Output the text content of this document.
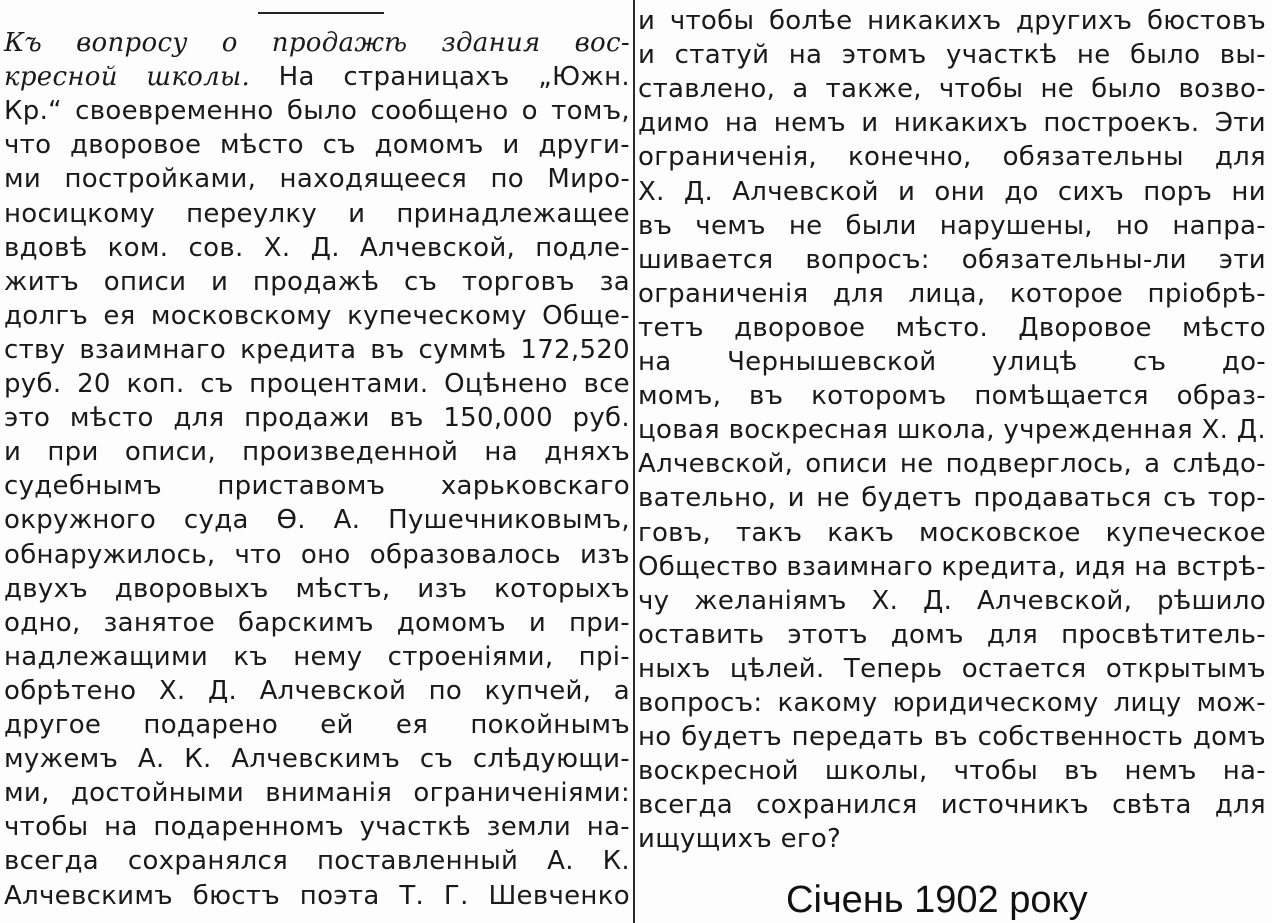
Къ вопросу о продажѣ здания вос-
кресной школы. На страницахъ „Южн.
Кр.“ своевременно было сообщено о томъ,
что дворовое мѣсто съ домомъ и други-
ми постройками, находящееся по Миро-
носицкому переулку и принадлежащее
вдовѣ ком. сов. Х. Д. Алчевской, подле-
житъ описи и продажѣ съ торговъ за
долгъ ея московскому купеческому Обще-
ству взаимнаго кредита въ суммѣ 172,520
руб. 20 коп. съ процентами. Оцѣнено все
это мѣсто для продажи въ 150,000 руб.
и при описи, произведенной на дняхъ
судебнымъ приставомъ харьковскаго
окружного суда Ѳ. А. Пушечниковымъ,
обнаружилось, что оно образовалось изъ
двухъ дворовыхъ мѣстъ, изъ которыхъ
одно, занятое барскимъ домомъ и при-
надлежащими къ нему строеніями, прі-
обрѣтено Х. Д. Алчевской по купчей, а
другое подарено ей ея покойнымъ
мужемъ А. К. Алчевскимъ съ слѣдующи-
ми, достойными вниманія ограниченіями:
чтобы на подаренномъ участкѣ земли на-
всегда сохранялся поставленный А. К.
Алчевскимъ бюстъ поэта Т. Г. Шевченко
и чтобы болѣе никакихъ другихъ бюстовъ
и статуй на этомъ участкѣ не было вы-
ставлено, а также, чтобы не было возво-
димо на немъ и никакихъ построекъ. Эти
ограниченія, конечно, обязательны для
Х. Д. Алчевской и они до сихъ поръ ни
въ чемъ не были нарушены, но напра-
шивается вопросъ: обязательны-ли эти
ограниченія для лица, которое пріобрѣ-
тетъ дворовое мѣсто. Дворовое мѣсто
на Чернышевской улицѣ съ до-
момъ, въ которомъ помѣщается образ-
цовая воскресная школа, учрежденная Х. Д.
Алчевской, описи не подверглось, а слѣдо-
вательно, и не будетъ продаваться съ тор-
говъ, такъ какъ московское купеческое
Общество взаимнаго кредита, идя на встрѣ-
чу желаніямъ Х. Д. Алчевской, рѣшило
оставить этотъ домъ для просвѣтитель-
ныхъ цѣлей. Теперь остается открытымъ
вопросъ: какому юридическому лицу мож-
но будетъ передать въ собственность домъ
воскресной школы, чтобы въ немъ на-
всегда сохранился источникъ свѣта для
ищущихъ его?
Січень 1902 року
